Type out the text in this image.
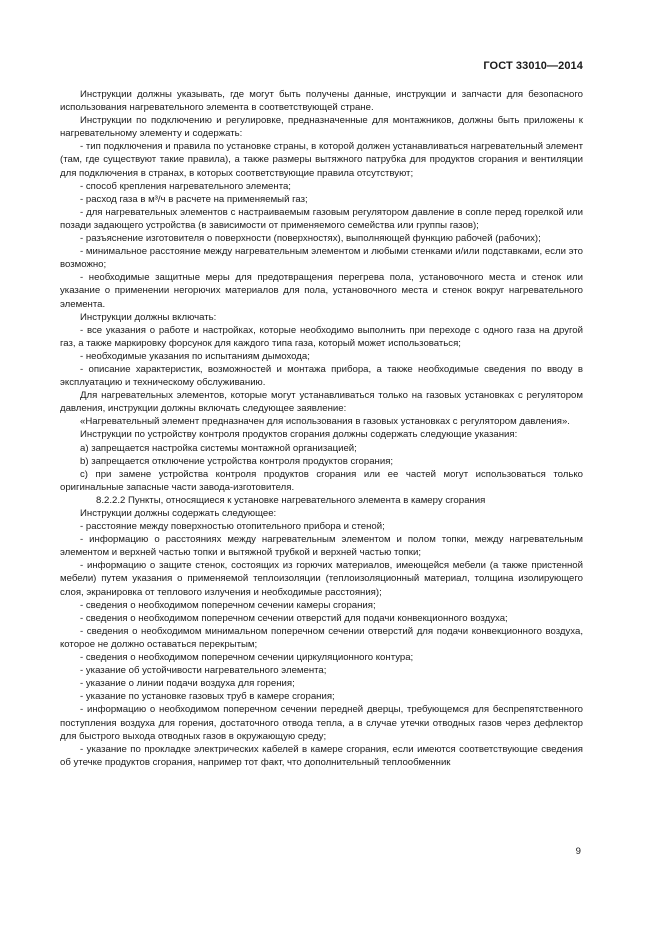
ГОСТ 33010—2014

Инструкции должны указывать, где могут быть получены данные, инструкции и запчасти для безопасного использования нагревательного элемента в соответствующей стране.

Инструкции по подключению и регулировке, предназначенные для монтажников, должны быть приложены к нагревательному элементу и содержать:

- тип подключения и правила по установке страны, в которой должен устанавливаться нагревательный элемент (там, где существуют такие правила), а также размеры вытяжного патрубка для продуктов сгорания и вентиляции для подключения в странах, в которых соответствующие правила отсутствуют;

- способ крепления нагревательного элемента;

- расход газа в м³/ч в расчете на применяемый газ;

- для нагревательных элементов с настраиваемым газовым регулятором давление в сопле перед горелкой или позади задающего устройства (в зависимости от применяемого семейства или группы газов);

- разъяснение изготовителя о поверхности (поверхностях), выполняющей функцию рабочей (рабочих);

- минимальное расстояние между нагревательным элементом и любыми стенками и/или подставками, если это возможно;

- необходимые защитные меры для предотвращения перегрева пола, установочного места и стенок или указание о применении негорючих материалов для пола, установочного места и стенок вокруг нагревательного элемента.

Инструкции должны включать:

- все указания о работе и настройках, которые необходимо выполнить при переходе с одного газа на другой газ, а также маркировку форсунок для каждого типа газа, который может использоваться;

- необходимые указания по испытаниям дымохода;

- описание характеристик, возможностей и монтажа прибора, а также необходимые сведения по вводу в эксплуатацию и техническому обслуживанию.

Для нагревательных элементов, которые могут устанавливаться только на газовых установках с регулятором давления, инструкции должны включать следующее заявление:

«Нагревательный элемент предназначен для использования в газовых установках с регулятором давления».

Инструкции по устройству контроля продуктов сгорания должны содержать следующие указания:

a) запрещается настройка системы монтажной организацией;

b) запрещается отключение устройства контроля продуктов сгорания;

c) при замене устройства контроля продуктов сгорания или ее частей могут использоваться только оригинальные запасные части завода-изготовителя.

8.2.2.2 Пункты, относящиеся к установке нагревательного элемента в камеру сгорания

Инструкции должны содержать следующее:

- расстояние между поверхностью отопительного прибора и стеной;

- информацию о расстояниях между нагревательным элементом и полом топки, между нагревательным элементом и верхней частью топки и вытяжной трубкой и верхней частью топки;

- информацию о защите стенок, состоящих из горючих материалов, имеющейся мебели (а также пристенной мебели) путем указания о применяемой теплоизоляции (теплоизоляционный материал, толщина изолирующего слоя, экранировка от теплового излучения и необходимые расстояния);

- сведения о необходимом поперечном сечении камеры сгорания;

- сведения о необходимом поперечном сечении отверстий для подачи конвекционного воздуха;

- сведения о необходимом минимальном поперечном сечении отверстий для подачи конвекционного воздуха, которое не должно оставаться перекрытым;

- сведения о необходимом поперечном сечении циркуляционного контура;

- указание об устойчивости нагревательного элемента;

- указание о линии подачи воздуха для горения;

- указание по установке газовых труб в камере сгорания;

- информацию о необходимом поперечном сечении передней дверцы, требующемся для беспрепятственного поступления воздуха для горения, достаточного отвода тепла, а в случае утечки отводных газов через дефлектор для быстрого выхода отводных газов в окружающую среду;

- указание по прокладке электрических кабелей в камере сгорания, если имеются соответствующие сведения об утечке продуктов сгорания, например тот факт, что дополнительный теплообменник

9
